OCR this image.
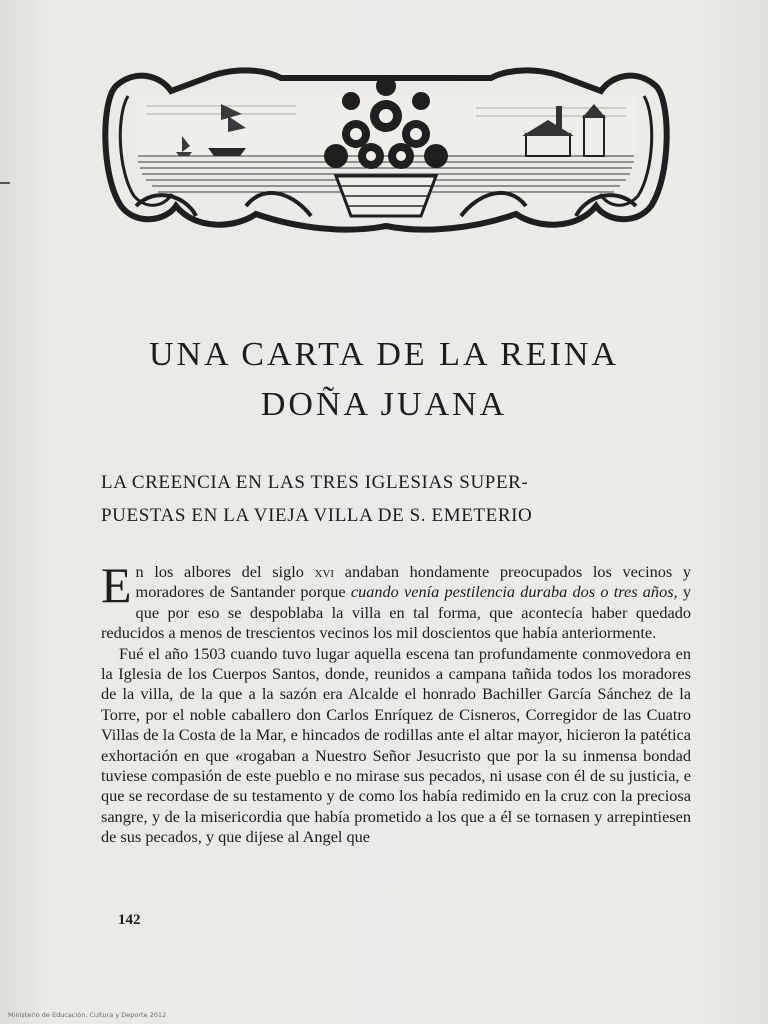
UNA CARTA DE LA REINA
DOÑA JUANA
LA CREENCIA EN LAS TRES IGLESIAS SUPER-
PUESTAS EN LA VIEJA VILLA DE S. EMETERIO

En los albores del siglo xvi andaban hondamente preocupados los vecinos y moradores de Santander porque cuando venía pestilencia duraba dos o tres años, y que por eso se despoblaba la villa en tal forma, que acontecía haber quedado reducidos a menos de trescientos vecinos los mil doscientos que había anteriormente.

Fué el año 1503 cuando tuvo lugar aquella escena tan profundamente conmovedora en la Iglesia de los Cuerpos Santos, donde, reunidos a campana tañida todos los moradores de la villa, de la que a la sazón era Alcalde el honrado Bachiller García Sánchez de la Torre, por el noble caballero don Carlos Enríquez de Cisneros, Corregidor de las Cuatro Villas de la Costa de la Mar, e hincados de rodillas ante el altar mayor, hicieron la patética exhortación en que «rogaban a Nuestro Señor Jesucristo que por la su inmensa bondad tuviese compasión de este pueblo e no mirase sus pecados, ni usase con él de su justicia, e que se recordase de su testamento y de como los había redimido en la cruz con la preciosa sangre, y de la misericordia que había prometido a los que a él se tornasen y arrepintiesen de sus pecados, y que dijese al Angel que

142
Ministerio de Educación, Cultura y Deporte 2012
